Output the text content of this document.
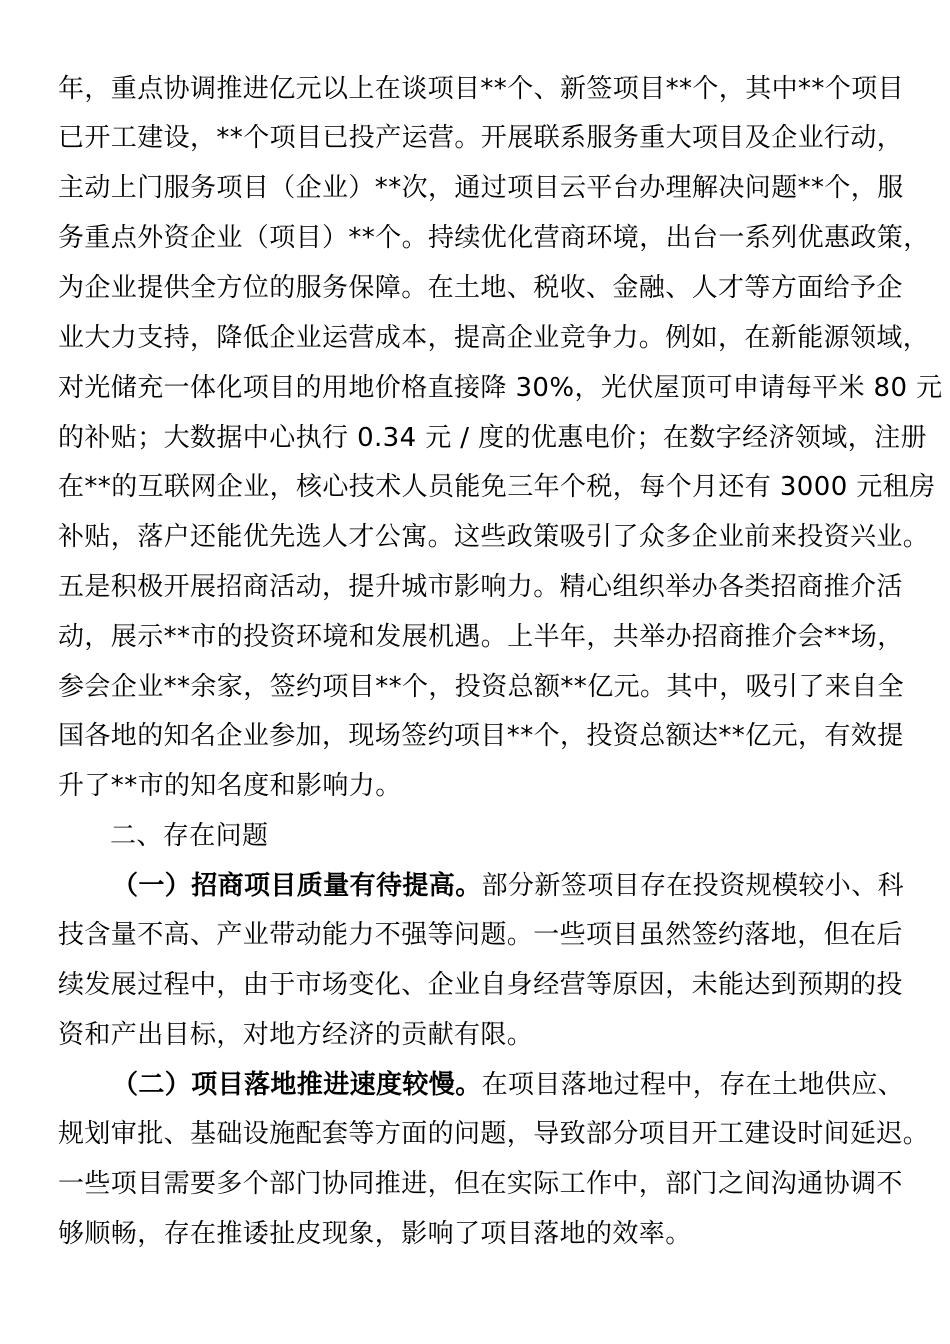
年，重点协调推进亿元以上在谈项目**个、新签项目**个，其中**个项目
已开工建设，**个项目已投产运营。开展联系服务重大项目及企业行动，
主动上门服务项目（企业）**次，通过项目云平台办理解决问题**个，服
务重点外资企业（项目）**个。持续优化营商环境，出台一系列优惠政策，
为企业提供全方位的服务保障。在土地、税收、金融、人才等方面给予企
业大力支持，降低企业运营成本，提高企业竞争力。例如，在新能源领域，
对光储充一体化项目的用地价格直接降 30%，光伏屋顶可申请每平米 80 元
的补贴；大数据中心执行 0.34 元 / 度的优惠电价；在数字经济领域，注册
在**的互联网企业，核心技术人员能免三年个税，每个月还有 3000 元租房
补贴，落户还能优先选人才公寓。这些政策吸引了众多企业前来投资兴业。
五是积极开展招商活动，提升城市影响力。精心组织举办各类招商推介活
动，展示**市的投资环境和发展机遇。上半年，共举办招商推介会**场，
参会企业**余家，签约项目**个，投资总额**亿元。其中，吸引了来自全
国各地的知名企业参加，现场签约项目**个，投资总额达**亿元，有效提
升了**市的知名度和影响力。
二、存在问题
（一）招商项目质量有待提高。部分新签项目存在投资规模较小、科
技含量不高、产业带动能力不强等问题。一些项目虽然签约落地，但在后
续发展过程中，由于市场变化、企业自身经营等原因，未能达到预期的投
资和产出目标，对地方经济的贡献有限。
（二）项目落地推进速度较慢。在项目落地过程中，存在土地供应、
规划审批、基础设施配套等方面的问题，导致部分项目开工建设时间延迟。
一些项目需要多个部门协同推进，但在实际工作中，部门之间沟通协调不
够顺畅，存在推诿扯皮现象，影响了项目落地的效率。
